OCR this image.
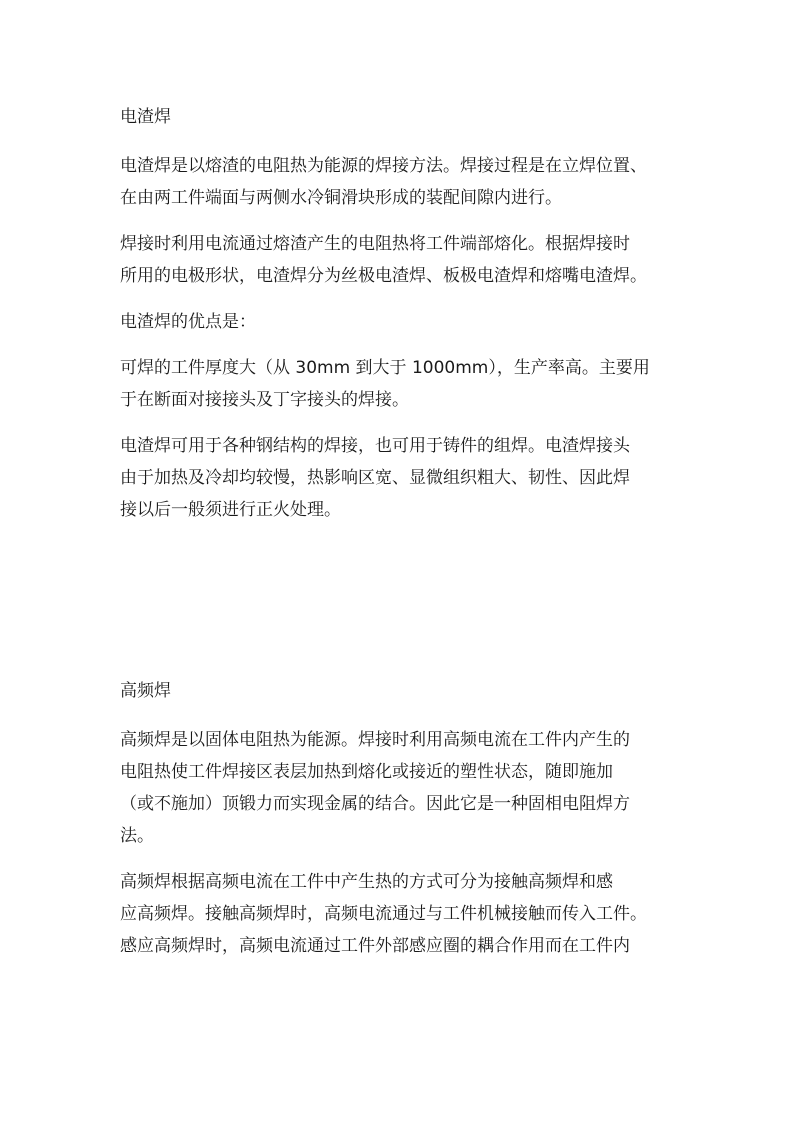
电渣焊

电渣焊是以熔渣的电阻热为能源的焊接方法。焊接过程是在立焊位置、
在由两工件端面与两侧水冷铜滑块形成的装配间隙内进行。

焊接时利用电流通过熔渣产生的电阻热将工件端部熔化。根据焊接时
所用的电极形状，电渣焊分为丝极电渣焊、板极电渣焊和熔嘴电渣焊。

电渣焊的优点是：

可焊的工件厚度大（从 30mm 到大于 1000mm），生产率高。主要用
于在断面对接接头及丁字接头的焊接。

电渣焊可用于各种钢结构的焊接，也可用于铸件的组焊。电渣焊接头
由于加热及冷却均较慢，热影响区宽、显微组织粗大、韧性、因此焊
接以后一般须进行正火处理。

高频焊

高频焊是以固体电阻热为能源。焊接时利用高频电流在工件内产生的
电阻热使工件焊接区表层加热到熔化或接近的塑性状态，随即施加
（或不施加）顶锻力而实现金属的结合。因此它是一种固相电阻焊方
法。

高频焊根据高频电流在工件中产生热的方式可分为接触高频焊和感
应高频焊。接触高频焊时，高频电流通过与工件机械接触而传入工件。
感应高频焊时，高频电流通过工件外部感应圈的耦合作用而在工件内
